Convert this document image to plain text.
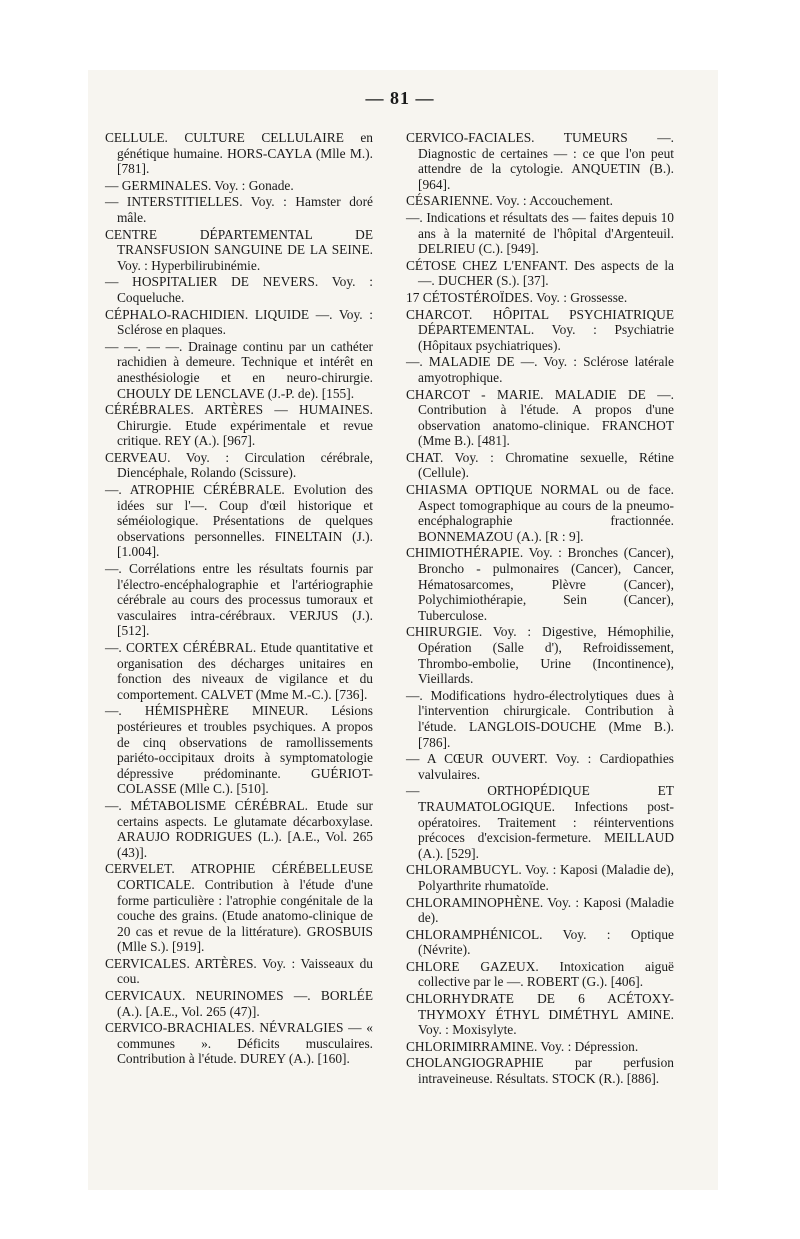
— 81 —

CELLULE. CULTURE CELLULAIRE en génétique humaine. HORS-CAYLA (Mlle M.). [781].

— GERMINALES. Voy. : Gonade.

— INTERSTITIELLES. Voy. : Hamster doré mâle.

CENTRE DÉPARTEMENTAL DE TRANSFUSION SANGUINE DE LA SEINE. Voy. : Hyperbilirubinémie.

— HOSPITALIER DE NEVERS. Voy. : Coqueluche.

CÉPHALO-RACHIDIEN. LIQUIDE —. Voy. : Sclérose en plaques.

— —. — —. Drainage continu par un cathéter rachidien à demeure. Technique et intérêt en anesthésiologie et en neuro-chirurgie. CHOULY DE LENCLAVE (J.-P. de). [155].

CÉRÉBRALES. ARTÈRES — HUMAINES. Chirurgie. Etude expérimentale et revue critique. REY (A.). [967].

CERVEAU. Voy. : Circulation cérébrale, Diencéphale, Rolando (Scissure).

—. ATROPHIE CÉRÉBRALE. Evolution des idées sur l'—. Coup d'œil historique et séméiologique. Présentations de quelques observations personnelles. FINELTAIN (J.). [1.004].

—. Corrélations entre les résultats fournis par l'électro-encéphalographie et l'artériographie cérébrale au cours des processus tumoraux et vasculaires intra-cérébraux. VERJUS (J.). [512].

—. CORTEX CÉRÉBRAL. Etude quantitative et organisation des décharges unitaires en fonction des niveaux de vigilance et du comportement. CALVET (Mme M.-C.). [736].

—. HÉMISPHÈRE MINEUR. Lésions postérieures et troubles psychiques. A propos de cinq observations de ramollissements pariéto-occipitaux droits à symptomatologie dépressive prédominante. GUÉRIOT-COLASSE (Mlle C.). [510].

—. MÉTABOLISME CÉRÉBRAL. Etude sur certains aspects. Le glutamate décarboxylase. ARAUJO RODRIGUES (L.). [A.E., Vol. 265 (43)].

CERVELET. ATROPHIE CÉRÉBELLEUSE CORTICALE. Contribution à l'étude d'une forme particulière : l'atrophie congénitale de la couche des grains. (Etude anatomo-clinique de 20 cas et revue de la littérature). GROSBUIS (Mlle S.). [919].

CERVICALES. ARTÈRES. Voy. : Vaisseaux du cou.

CERVICAUX. NEURINOMES —. BORLÉE (A.). [A.E., Vol. 265 (47)].

CERVICO-BRACHIALES. NÉVRALGIES — « communes ». Déficits musculaires. Contribution à l'étude. DUREY (A.). [160].

CERVICO-FACIALES. TUMEURS —. Diagnostic de certaines — : ce que l'on peut attendre de la cytologie. ANQUETIN (B.). [964].

CÉSARIENNE. Voy. : Accouchement.

—. Indications et résultats des — faites depuis 10 ans à la maternité de l'hôpital d'Argenteuil. DELRIEU (C.). [949].

CÉTOSE CHEZ L'ENFANT. Des aspects de la —. DUCHER (S.). [37].

17 CÉTOSTÉROÏDES. Voy. : Grossesse.

CHARCOT. HÔPITAL PSYCHIATRIQUE DÉPARTEMENTAL. Voy. : Psychiatrie (Hôpitaux psychiatriques).

—. MALADIE DE —. Voy. : Sclérose latérale amyotrophique.

CHARCOT - MARIE. MALADIE DE —. Contribution à l'étude. A propos d'une observation anatomo-clinique. FRANCHOT (Mme B.). [481].

CHAT. Voy. : Chromatine sexuelle, Rétine (Cellule).

CHIASMA OPTIQUE NORMAL ou de face. Aspect tomographique au cours de la pneumo-encéphalographie fractionnée. BONNEMAZOU (A.). [R : 9].

CHIMIOTHÉRAPIE. Voy. : Bronches (Cancer), Broncho - pulmonaires (Cancer), Cancer, Hématosarcomes, Plèvre (Cancer), Polychimiothérapie, Sein (Cancer), Tuberculose.

CHIRURGIE. Voy. : Digestive, Hémophilie, Opération (Salle d'), Refroidissement, Thrombo-embolie, Urine (Incontinence), Vieillards.

—. Modifications hydro-électrolytiques dues à l'intervention chirurgicale. Contribution à l'étude. LANGLOIS-DOUCHE (Mme B.). [786].

— A CŒUR OUVERT. Voy. : Cardiopathies valvulaires.

— ORTHOPÉDIQUE ET TRAUMATOLOGIQUE. Infections post-opératoires. Traitement : réinterventions précoces d'excision-fermeture. MEILLAUD (A.). [529].

CHLORAMBUCYL. Voy. : Kaposi (Maladie de), Polyarthrite rhumatoïde.

CHLORAMINOPHÈNE. Voy. : Kaposi (Maladie de).

CHLORAMPHÉNICOL. Voy. : Optique (Névrite).

CHLORE GAZEUX. Intoxication aiguë collective par le —. ROBERT (G.). [406].

CHLORHYDRATE DE 6 ACÉTOXY-THYMOXY ÉTHYL DIMÉTHYL AMINE. Voy. : Moxisylyte.

CHLORIMIRRAMINE. Voy. : Dépression.

CHOLANGIOGRAPHIE par perfusion intraveineuse. Résultats. STOCK (R.). [886].
